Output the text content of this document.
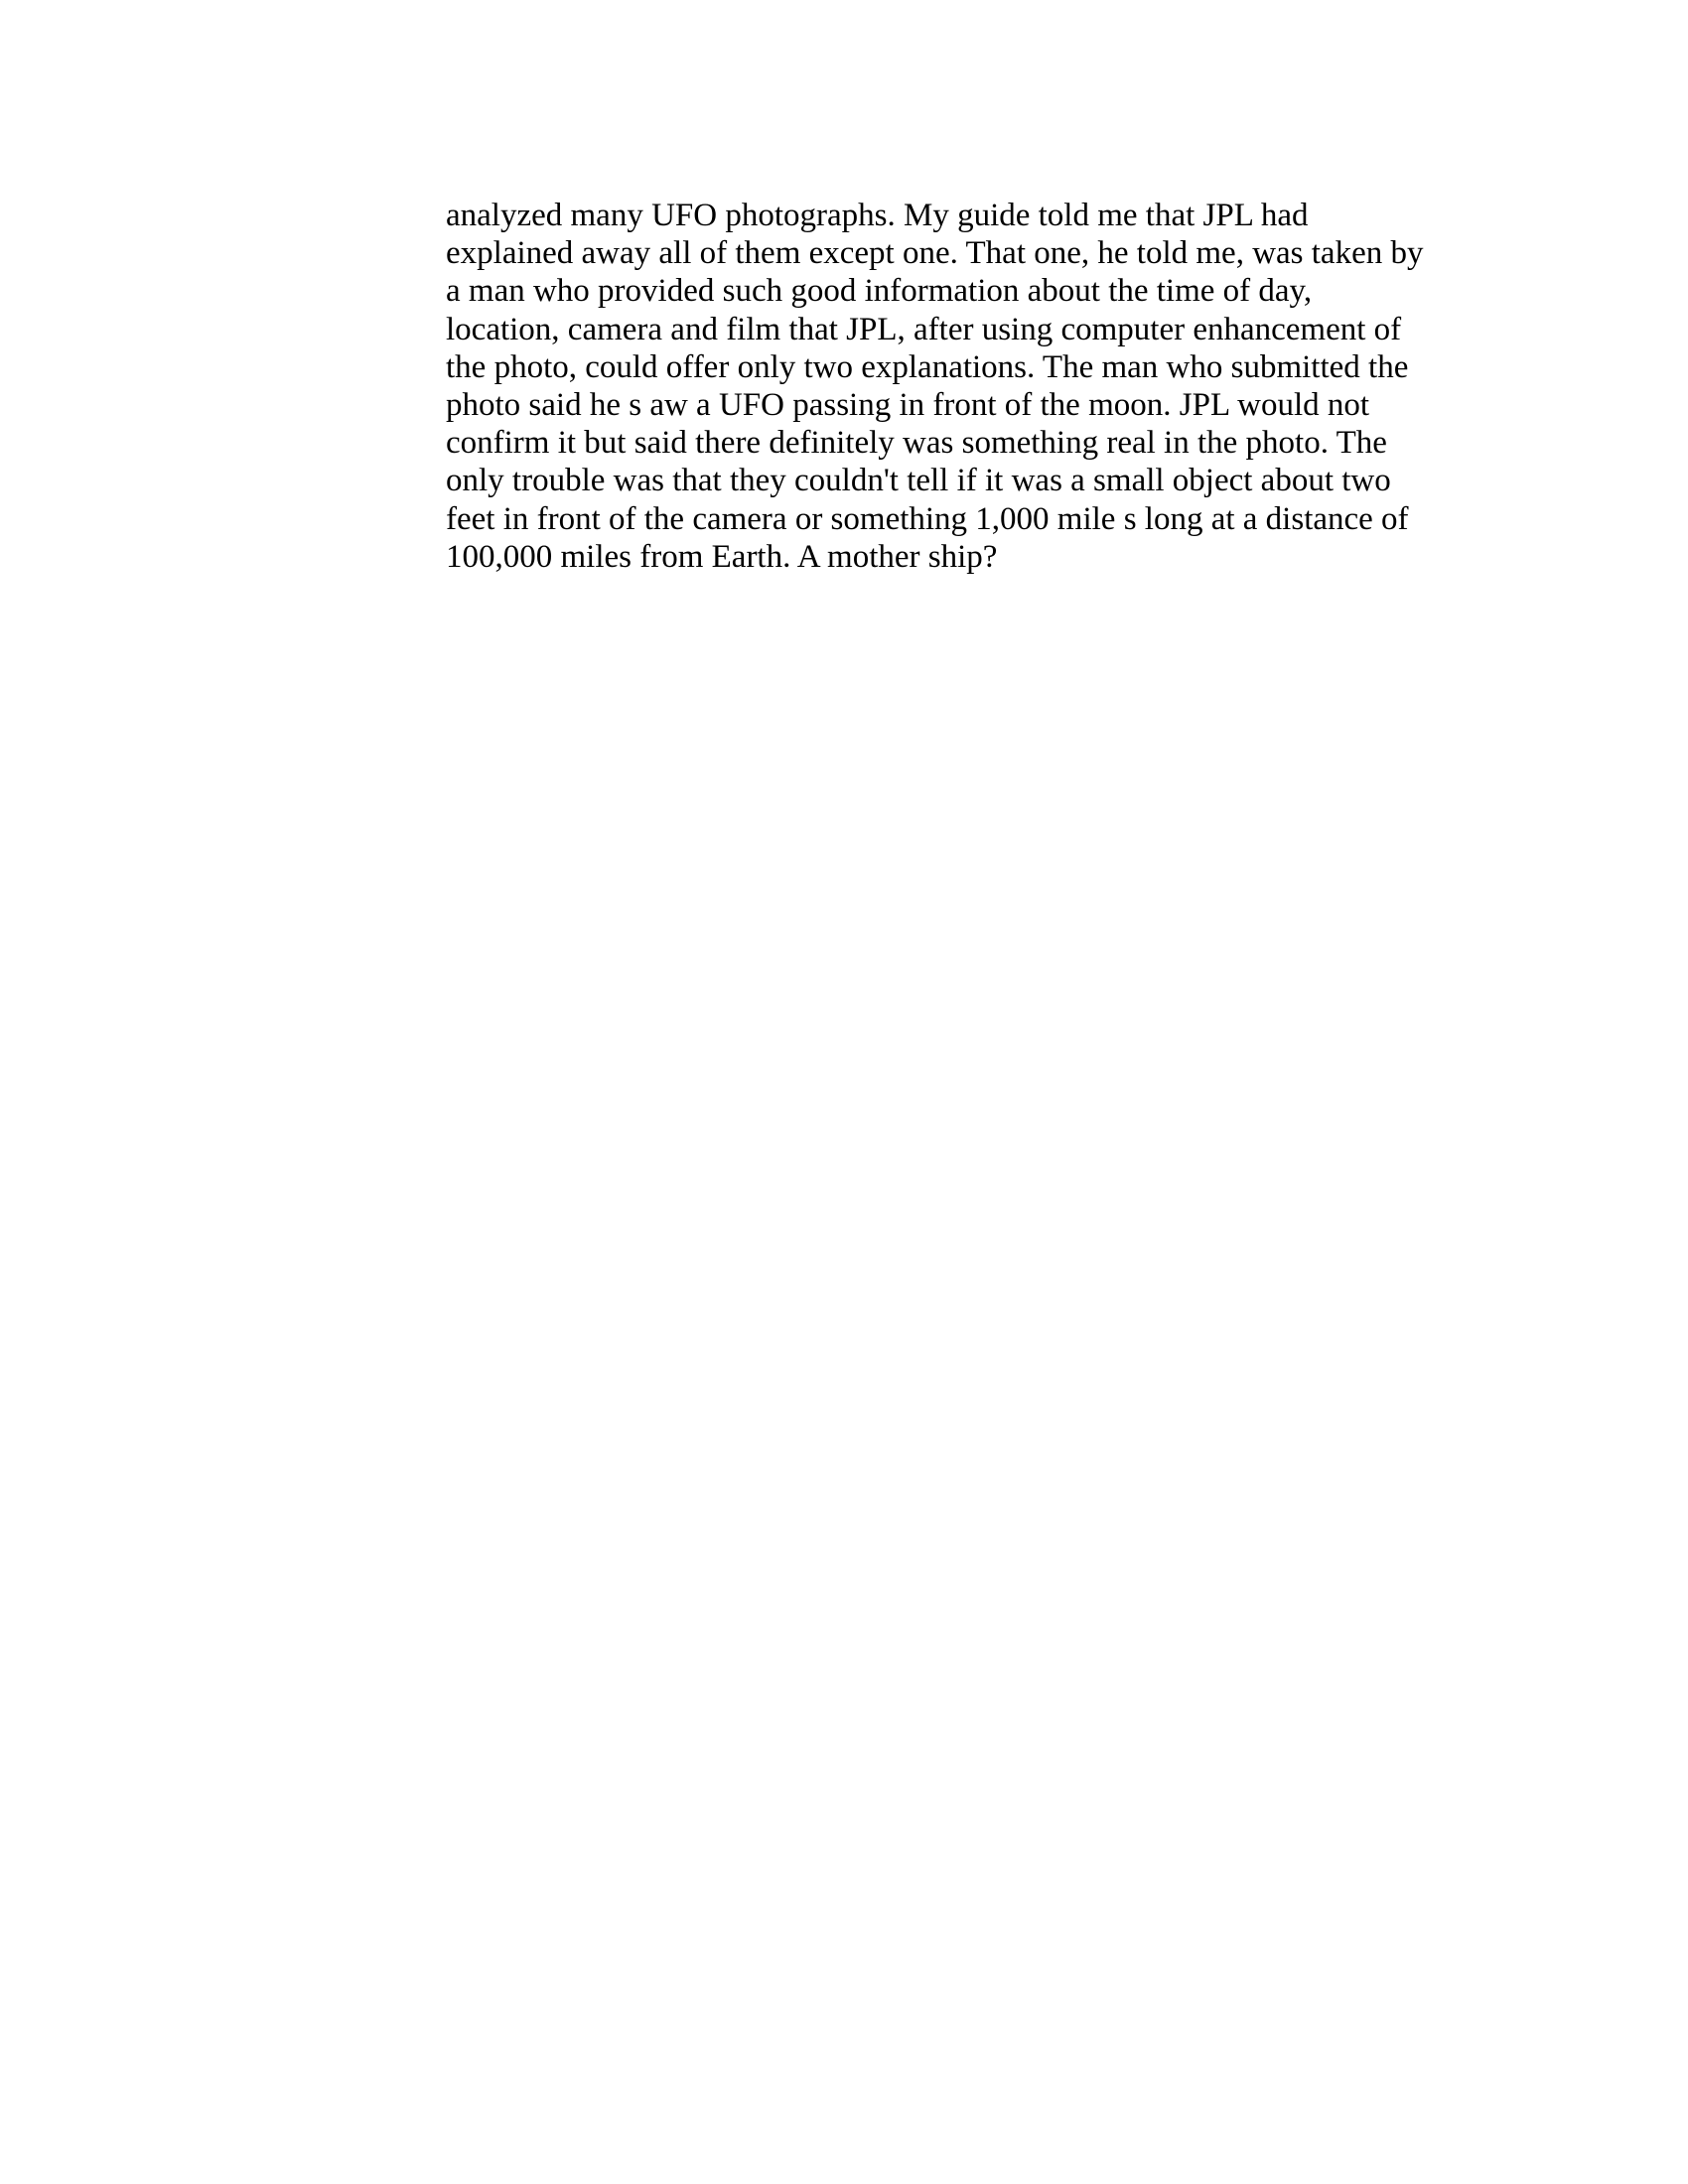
analyzed many UFO photographs. My guide told me that JPL had
explained away all of them except one. That one, he told me, was taken by
a man who provided such good information about the time of day,
location, camera and film that JPL, after using computer enhancement of
the photo, could offer only two explanations. The man who submitted the
photo said he s aw a UFO passing in front of the moon. JPL would not
confirm it but said there definitely was something real in the photo. The
only trouble was that they couldn't tell if it was a small object about two
feet in front of the camera or something 1,000 mile s long at a distance of
100,000 miles from Earth. A mother ship?
